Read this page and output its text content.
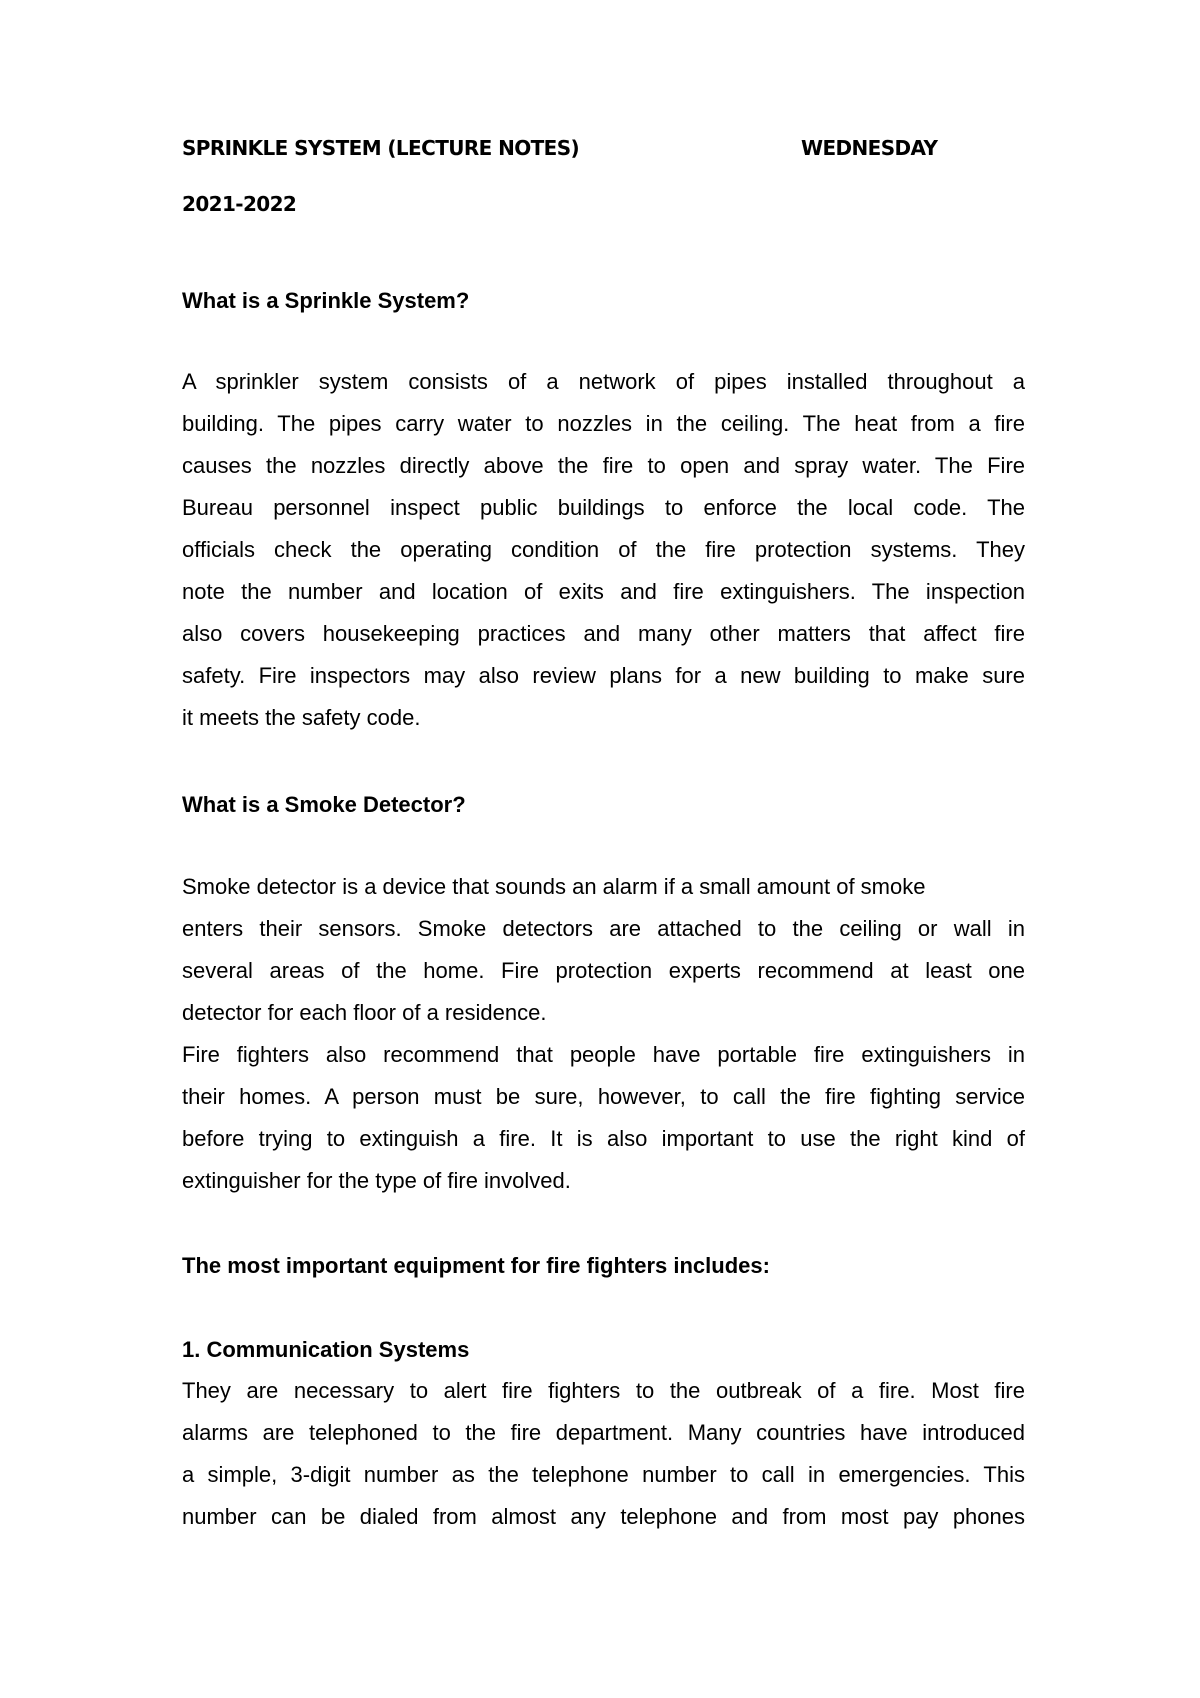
SPRINKLE SYSTEM (LECTURE NOTES)	WEDNESDAY
2021-2022
What is a Sprinkle System?
A sprinkler system consists of a network of pipes installed throughout a
building. The pipes carry water to nozzles in the ceiling. The heat from a fire
causes the nozzles directly above the fire to open and spray water. The Fire
Bureau personnel inspect public buildings to enforce the local code. The
officials check the operating condition of the fire protection systems. They
note the number and location of exits and fire extinguishers. The inspection
also covers housekeeping practices and many other matters that affect fire
safety. Fire inspectors may also review plans for a new building to make sure
it meets the safety code.
What is a Smoke Detector?
Smoke detector is a device that sounds an alarm if a small amount of smoke
enters their sensors. Smoke detectors are attached to the ceiling or wall in
several areas of the home. Fire protection experts recommend at least one
detector for each floor of a residence.
Fire fighters also recommend that people have portable fire extinguishers in
their homes. A person must be sure, however, to call the fire fighting service
before trying to extinguish a fire. It is also important to use the right kind of
extinguisher for the type of fire involved.
The most important equipment for fire fighters includes:
1. Communication Systems
They are necessary to alert fire fighters to the outbreak of a fire. Most fire
alarms are telephoned to the fire department. Many countries have introduced
a simple, 3-digit number as the telephone number to call in emergencies. This
number can be dialed from almost any telephone and from most pay phones
